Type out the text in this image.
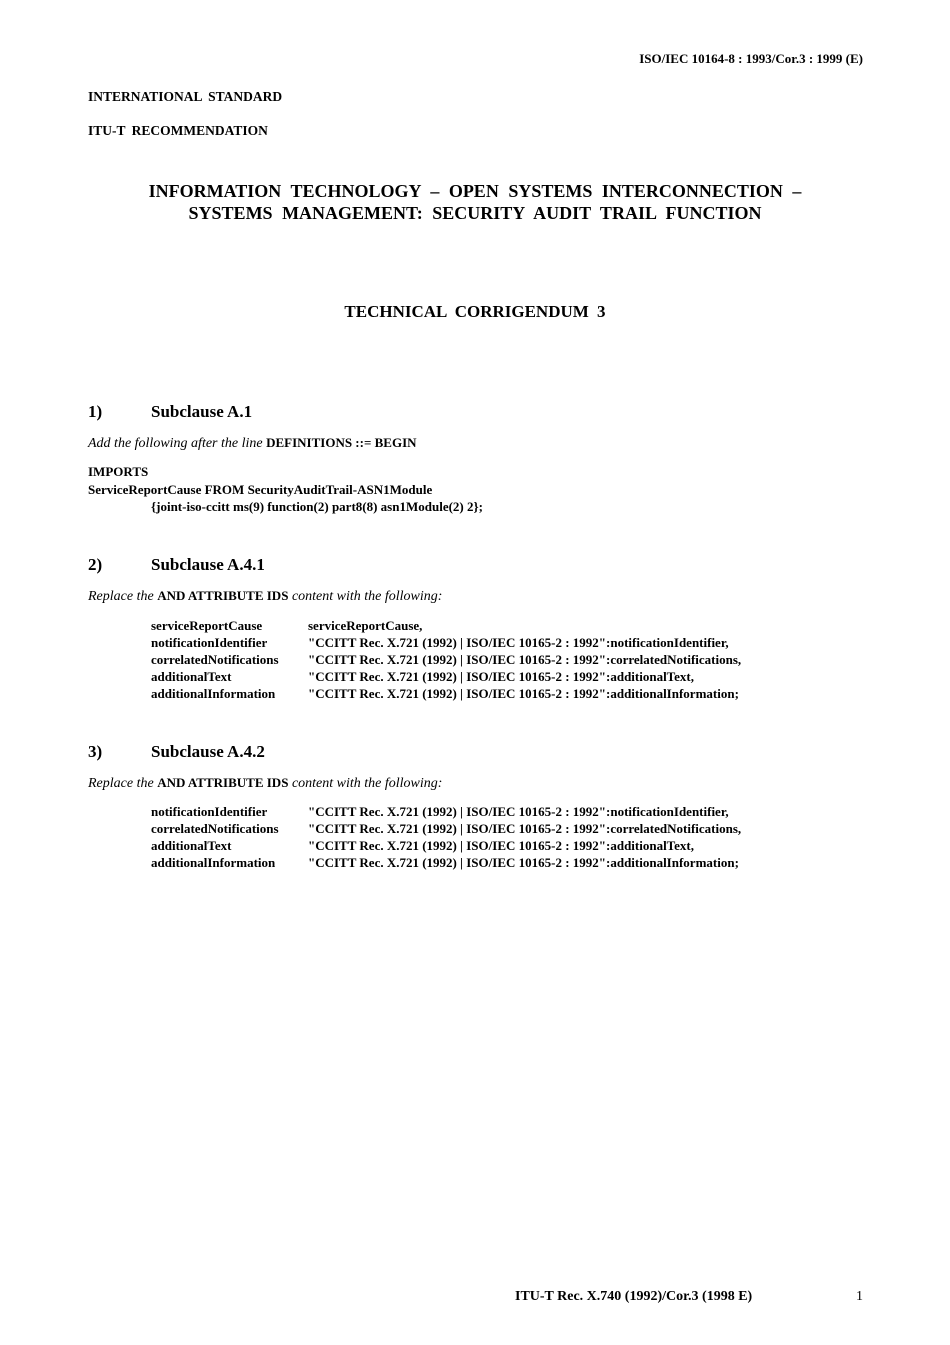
ISO/IEC 10164-8 : 1993/Cor.3 : 1999 (E)
INTERNATIONAL STANDARD
ITU-T RECOMMENDATION
INFORMATION TECHNOLOGY – OPEN SYSTEMS INTERCONNECTION –
SYSTEMS MANAGEMENT: SECURITY AUDIT TRAIL FUNCTION
TECHNICAL CORRIGENDUM 3
1)	Subclause A.1
Add the following after the line DEFINITIONS ::= BEGIN
IMPORTS
ServiceReportCause FROM SecurityAuditTrail-ASN1Module
{joint-iso-ccitt ms(9) function(2) part8(8) asn1Module(2) 2};
2)	Subclause A.4.1
Replace the AND ATTRIBUTE IDS content with the following:
serviceReportCause	serviceReportCause,
notificationIdentifier	"CCITT Rec. X.721 (1992) | ISO/IEC 10165-2 : 1992":notificationIdentifier,
correlatedNotifications "CCITT Rec. X.721 (1992) | ISO/IEC 10165-2 : 1992":correlatedNotifications,
additionalText	"CCITT Rec. X.721 (1992) | ISO/IEC 10165-2 : 1992":additionalText,
additionalInformation	"CCITT Rec. X.721 (1992) | ISO/IEC 10165-2 : 1992":additionalInformation;
3)	Subclause A.4.2
Replace the AND ATTRIBUTE IDS content with the following:
notificationIdentifier	"CCITT Rec. X.721 (1992) | ISO/IEC 10165-2 : 1992":notificationIdentifier,
correlatedNotifications "CCITT Rec. X.721 (1992) | ISO/IEC 10165-2 : 1992":correlatedNotifications,
additionalText	"CCITT Rec. X.721 (1992) | ISO/IEC 10165-2 : 1992":additionalText,
additionalInformation	"CCITT Rec. X.721 (1992) | ISO/IEC 10165-2 : 1992":additionalInformation;
ITU-T Rec. X.740 (1992)/Cor.3 (1998 E)	1
